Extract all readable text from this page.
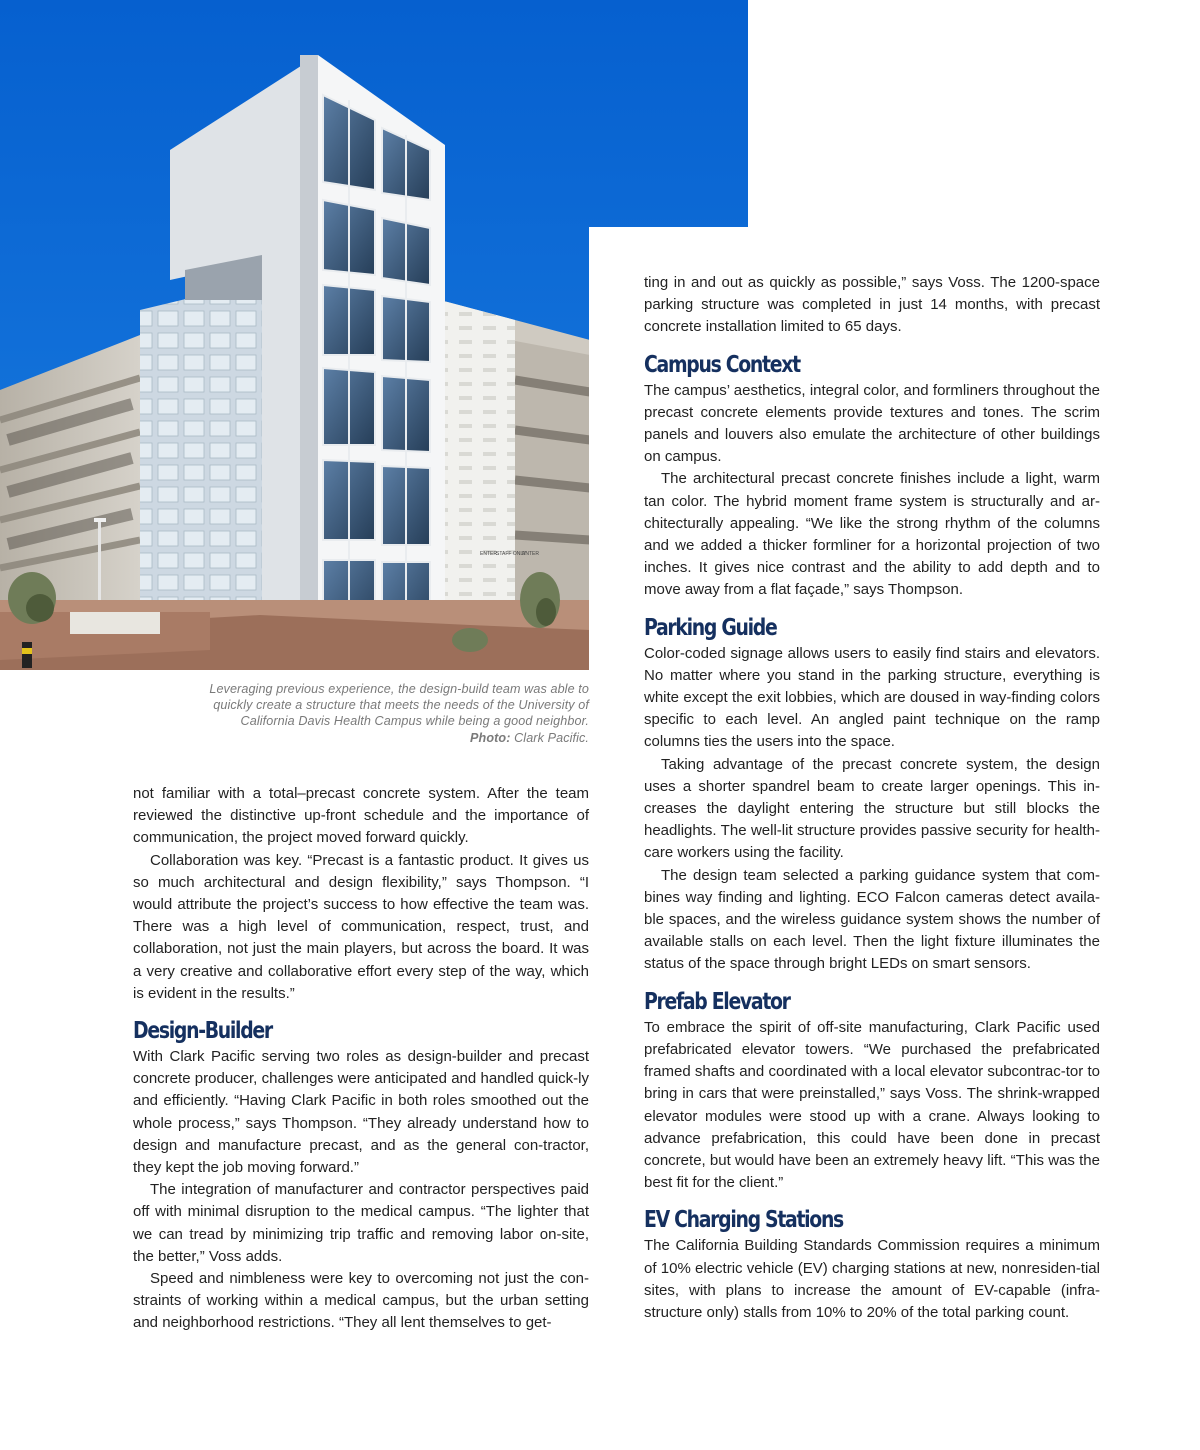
ENTER STAFF ONLY
ENTER
Leveraging previous experience, the design-build team was able to quickly create a structure that meets the needs of the University of California Davis Health Campus while being a good neighbor. Photo: Clark Pacific.

not familiar with a total–precast concrete system. After the team reviewed the distinctive up-front schedule and the importance of communication, the project moved forward quickly.

Collaboration was key. “Precast is a fantastic product. It gives us so much architectural and design flexibility,” says Thompson. “I would attribute the project’s success to how effective the team was. There was a high level of communication, respect, trust, and collaboration, not just the main players, but across the board. It was a very creative and collaborative effort every step of the way, which is evident in the results.”

Design-Builder

With Clark Pacific serving two roles as design-builder and precast concrete producer, challenges were anticipated and handled quick-ly and efficiently. “Having Clark Pacific in both roles smoothed out the whole process,” says Thompson. “They already understand how to design and manufacture precast, and as the general con-tractor, they kept the job moving forward.”

The integration of manufacturer and contractor perspectives paid off with minimal disruption to the medical campus. “The lighter that we can tread by minimizing trip traffic and removing labor on-site, the better,” Voss adds.

Speed and nimbleness were key to overcoming not just the con-straints of working within a medical campus, but the urban setting and neighborhood restrictions. “They all lent themselves to get-

ting in and out as quickly as possible,” says Voss. The 1200-space parking structure was completed in just 14 months, with precast concrete installation limited to 65 days.

Campus Context

The campus’ aesthetics, integral color, and formliners throughout the precast concrete elements provide textures and tones. The scrim panels and louvers also emulate the architecture of other buildings on campus.

The architectural precast concrete finishes include a light, warm tan color. The hybrid moment frame system is structurally and ar-chitecturally appealing. “We like the strong rhythm of the columns and we added a thicker formliner for a horizontal projection of two inches. It gives nice contrast and the ability to add depth and to move away from a flat façade,” says Thompson.

Parking Guide

Color-coded signage allows users to easily find stairs and elevators. No matter where you stand in the parking structure, everything is white except the exit lobbies, which are doused in way-finding colors specific to each level. An angled paint technique on the ramp columns ties the users into the space.

Taking advantage of the precast concrete system, the design uses a shorter spandrel beam to create larger openings. This in-creases the daylight entering the structure but still blocks the headlights. The well-lit structure provides passive security for health-care workers using the facility.

The design team selected a parking guidance system that com-bines way finding and lighting. ECO Falcon cameras detect availa-ble spaces, and the wireless guidance system shows the number of available stalls on each level. Then the light fixture illuminates the status of the space through bright LEDs on smart sensors.

Prefab Elevator

To embrace the spirit of off-site manufacturing, Clark Pacific used prefabricated elevator towers. “We purchased the prefabricated framed shafts and coordinated with a local elevator subcontrac-tor to bring in cars that were preinstalled,” says Voss. The shrink-wrapped elevator modules were stood up with a crane. Always looking to advance prefabrication, this could have been done in precast concrete, but would have been an extremely heavy lift. “This was the best fit for the client.”

EV Charging Stations

The California Building Standards Commission requires a minimum of 10% electric vehicle (EV) charging stations at new, nonresiden-tial sites, with plans to increase the amount of EV-capable (infra-structure only) stalls from 10% to 20% of the total parking count.
